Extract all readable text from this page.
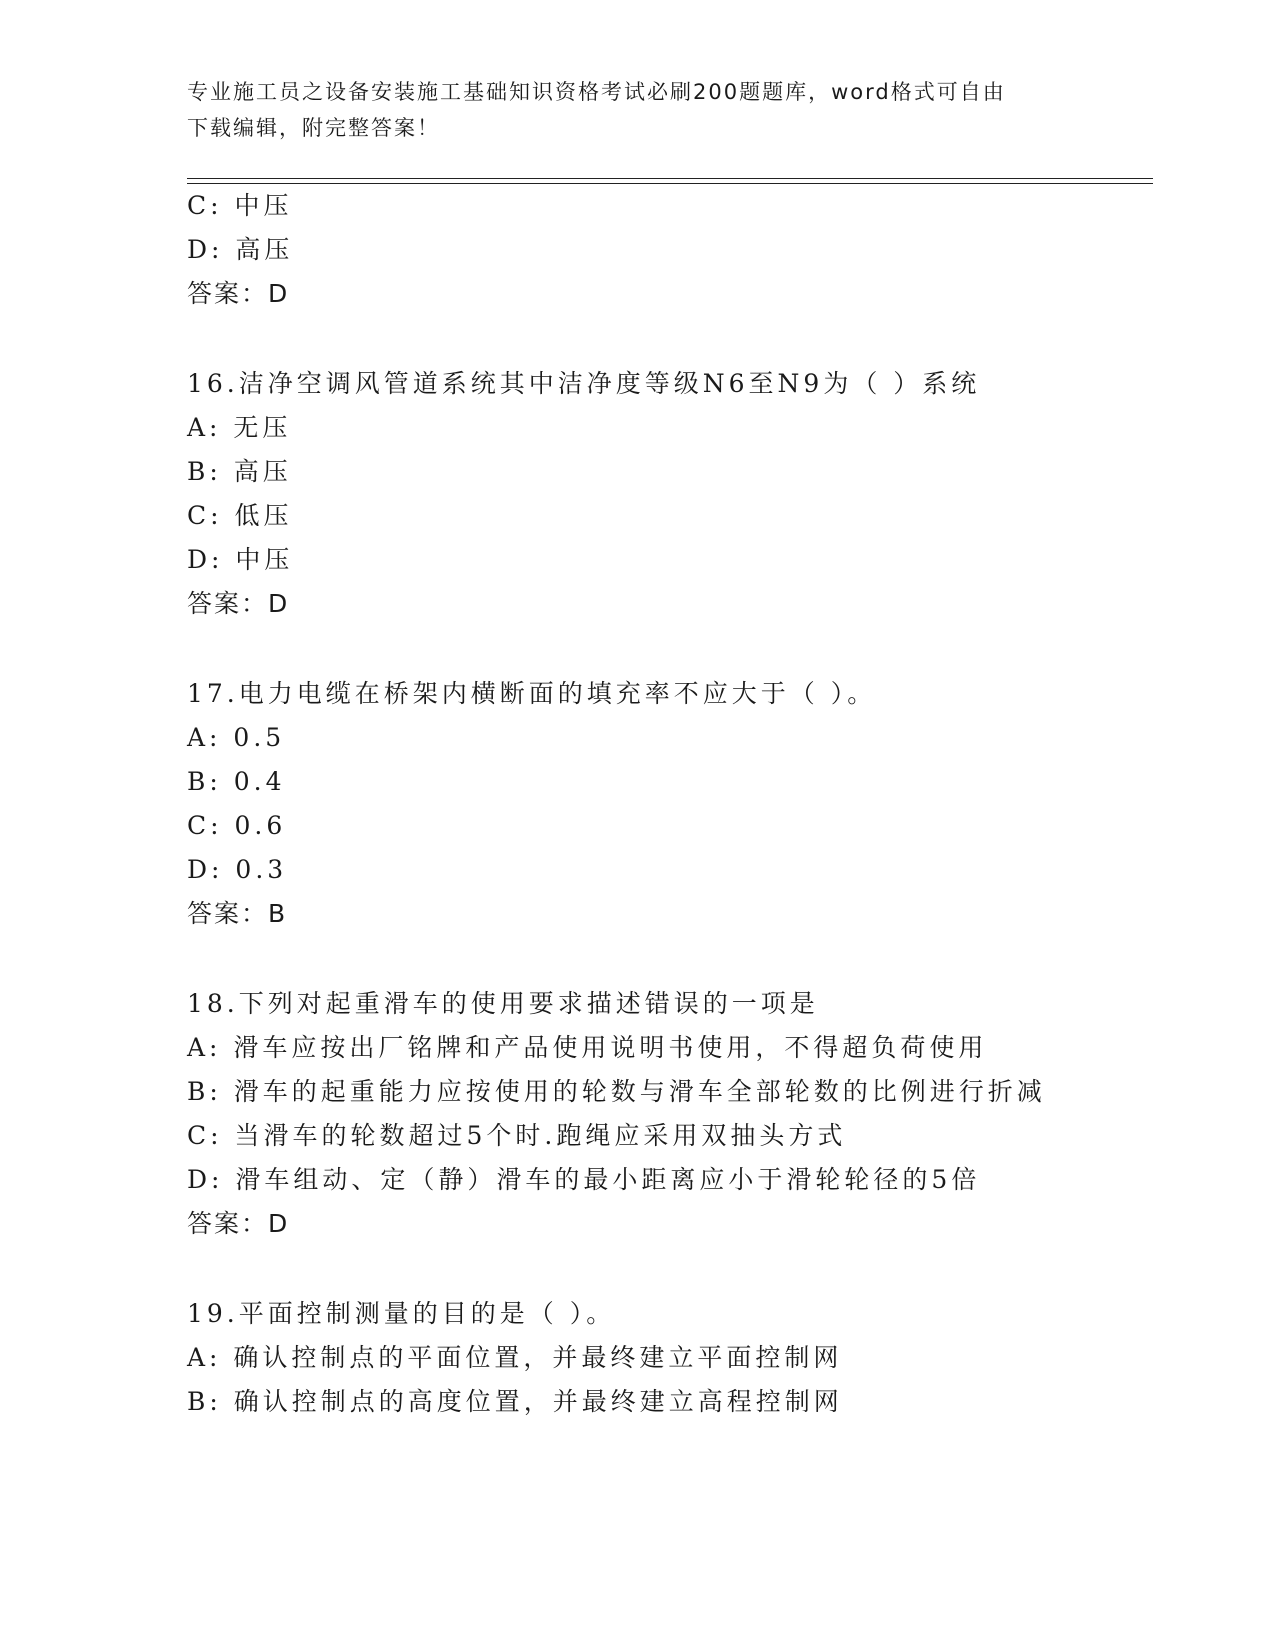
专业施工员之设备安装施工基础知识资格考试必刷200题题库，word格式可自由
下载编辑，附完整答案！
C: 中压
D: 高压
答案：D
16.洁净空调风管道系统其中洁净度等级N6至N9为（ ）系统
A: 无压
B: 高压
C: 低压
D: 中压
答案：D
17.电力电缆在桥架内横断面的填充率不应大于（ ）。
A: 0.5
B: 0.4
C: 0.6
D: 0.3
答案：B
18.下列对起重滑车的使用要求描述错误的一项是
A: 滑车应按出厂铭牌和产品使用说明书使用，不得超负荷使用
B: 滑车的起重能力应按使用的轮数与滑车全部轮数的比例进行折减
C: 当滑车的轮数超过5个时.跑绳应采用双抽头方式
D: 滑车组动、定（静）滑车的最小距离应小于滑轮轮径的5倍
答案：D
19.平面控制测量的目的是（ ）。
A: 确认控制点的平面位置，并最终建立平面控制网
B: 确认控制点的高度位置，并最终建立高程控制网
